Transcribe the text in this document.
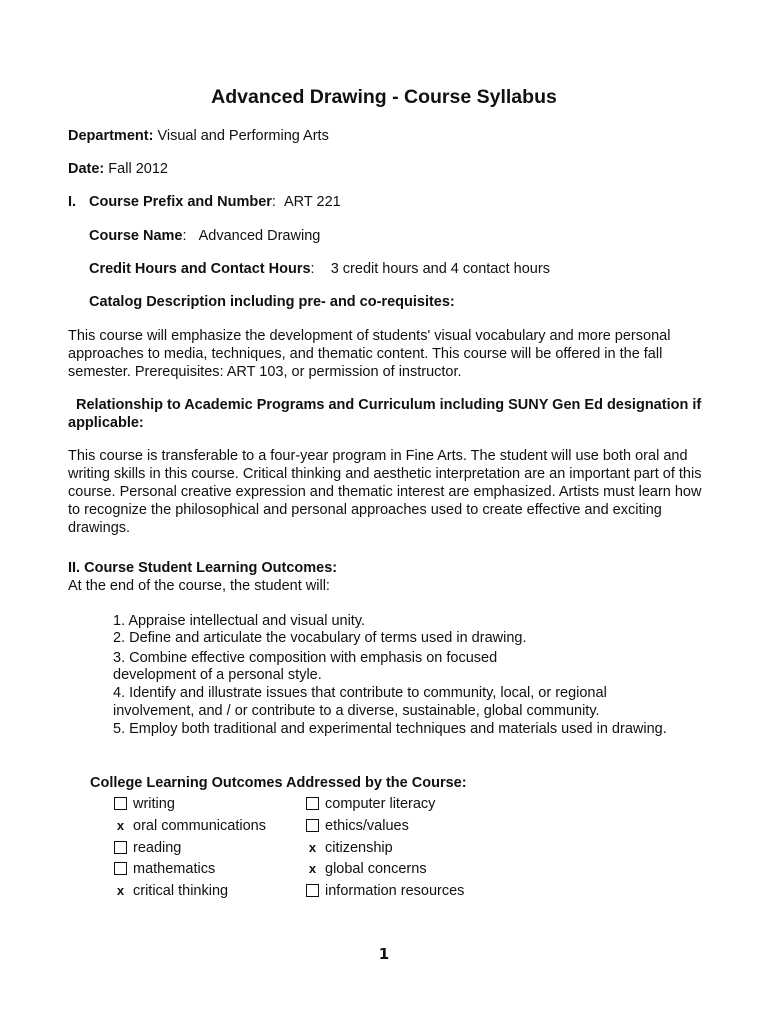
Advanced Drawing - Course Syllabus
Department: Visual and Performing Arts
Date: Fall 2012
I. Course Prefix and Number:  ART 221
Course Name:   Advanced Drawing
Credit Hours and Contact Hours:    3 credit hours and 4 contact hours
Catalog Description including pre- and co-requisites:
This course will emphasize the development of students' visual vocabulary and more personal approaches to media, techniques, and thematic content. This course will be offered in the fall semester. Prerequisites: ART 103, or permission of instructor.
Relationship to Academic Programs and Curriculum including SUNY Gen Ed designation if applicable:
This course is transferable to a four-year program in Fine Arts. The student will use both oral and writing skills in this course. Critical thinking and aesthetic interpretation are an important part of this course. Personal creative expression and thematic interest are emphasized. Artists must learn how to recognize the philosophical and personal approaches used to create effective and exciting drawings.
II. Course Student Learning Outcomes:
At the end of the course, the student will:
1. Appraise intellectual and visual unity.
2. Define and articulate the vocabulary of terms used in drawing.
3. Combine effective composition with emphasis on focused
development of a personal style.
4. Identify and illustrate issues that contribute to community, local, or regional
involvement, and / or contribute to a diverse, sustainable, global community.
5. Employ both traditional and experimental techniques and materials used in drawing.
College Learning Outcomes Addressed by the Course:
writing
x oral communications
reading
mathematics
x critical thinking
computer literacy
ethics/values
x citizenship
x global concerns
information resources
1
